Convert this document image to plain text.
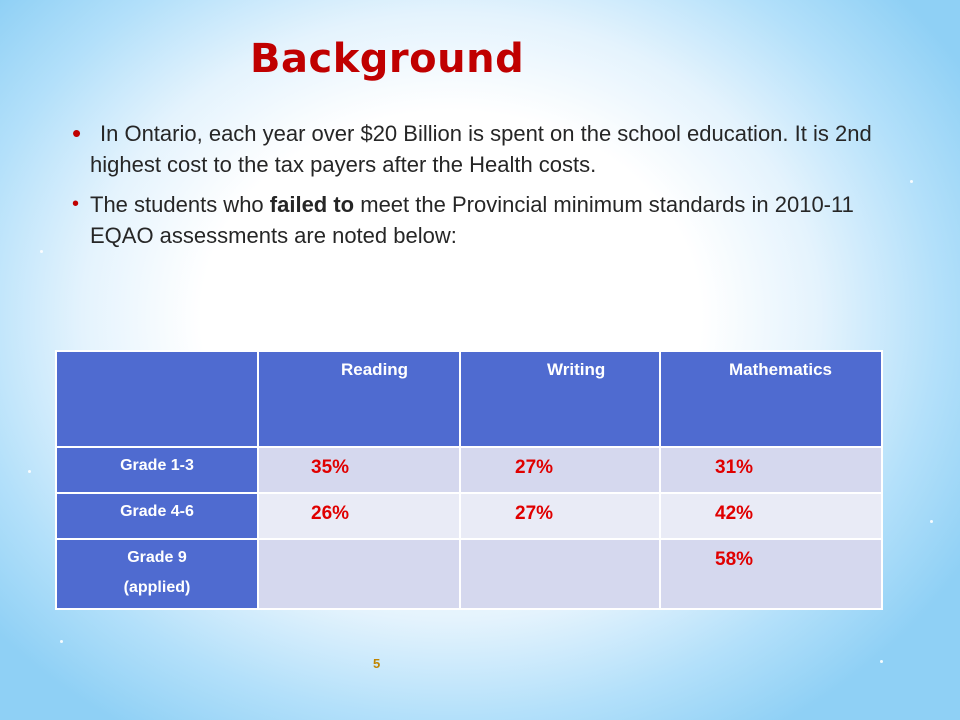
Background
• In Ontario, each year over $20 Billion is spent on the school education. It is 2nd highest cost to the tax payers after the Health costs.
• The students who failed to meet the Provincial minimum standards in 2010-11 EQAO assessments are noted below:

	Reading	Writing	Mathematics

Grade 1-3	35%	27%	31%

Grade 4-6	26%	27%	42%

Grade 9
(applied)			58%
5
